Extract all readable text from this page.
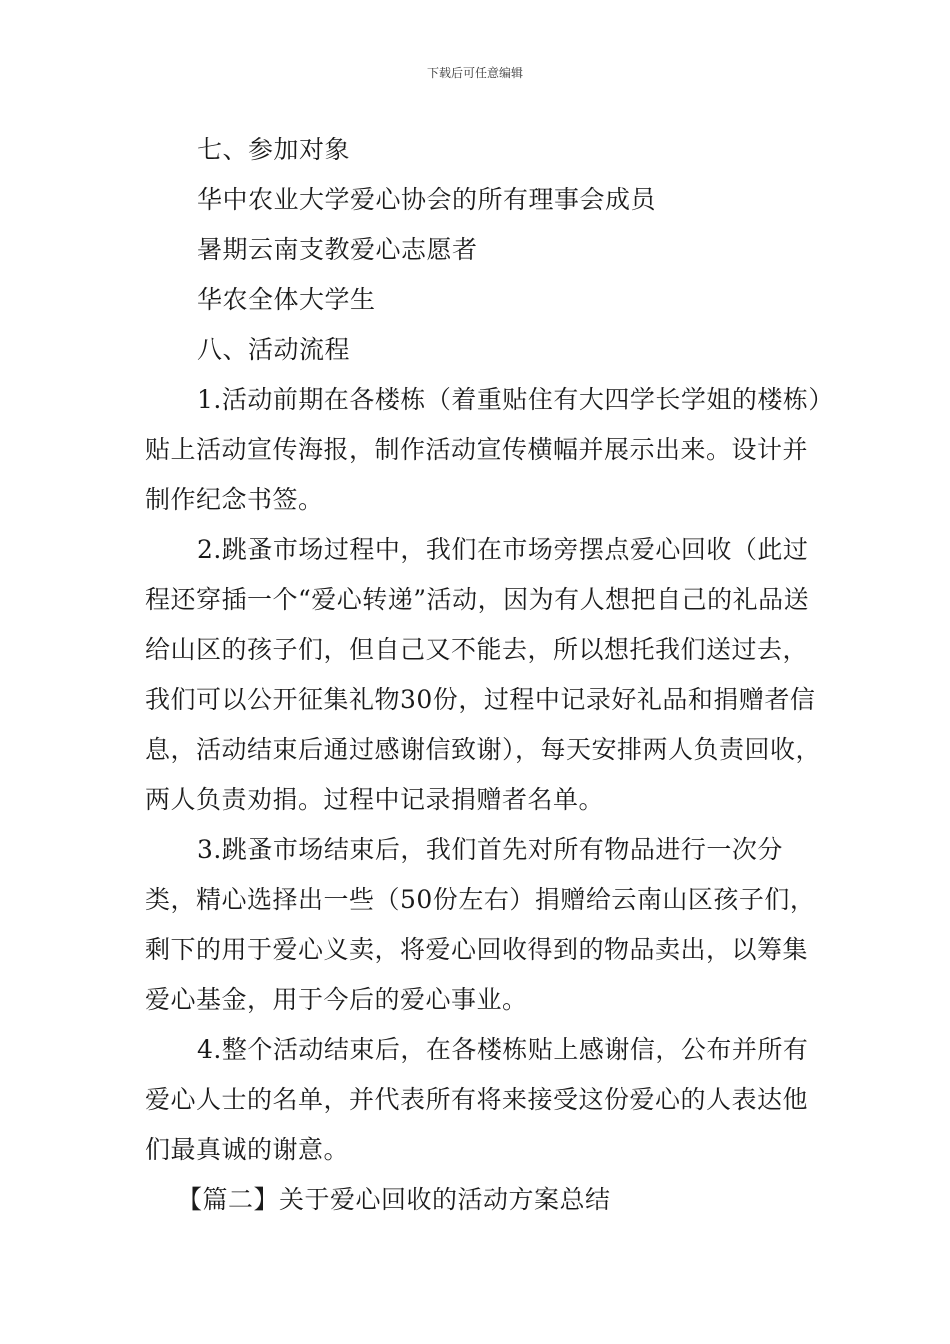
下载后可任意编辑

七、参加对象

华中农业大学爱心协会的所有理事会成员

暑期云南支教爱心志愿者

华农全体大学生

八、活动流程

1.活动前期在各楼栋（着重贴住有大四学长学姐的楼栋）贴上活动宣传海报，制作活动宣传横幅并展示出来。设计并制作纪念书签。

2.跳蚤市场过程中，我们在市场旁摆点爱心回收（此过程还穿插一个“爱心转递”活动，因为有人想把自己的礼品送给山区的孩子们，但自己又不能去，所以想托我们送过去，我们可以公开征集礼物30份，过程中记录好礼品和捐赠者信息，活动结束后通过感谢信致谢），每天安排两人负责回收，两人负责劝捐。过程中记录捐赠者名单。

3.跳蚤市场结束后，我们首先对所有物品进行一次分类，精心选择出一些（50份左右）捐赠给云南山区孩子们，剩下的用于爱心义卖，将爱心回收得到的物品卖出，以筹集爱心基金，用于今后的爱心事业。

4.整个活动结束后，在各楼栋贴上感谢信，公布并所有爱心人士的名单，并代表所有将来接受这份爱心的人表达他们最真诚的谢意。

【篇二】关于爱心回收的活动方案总结
